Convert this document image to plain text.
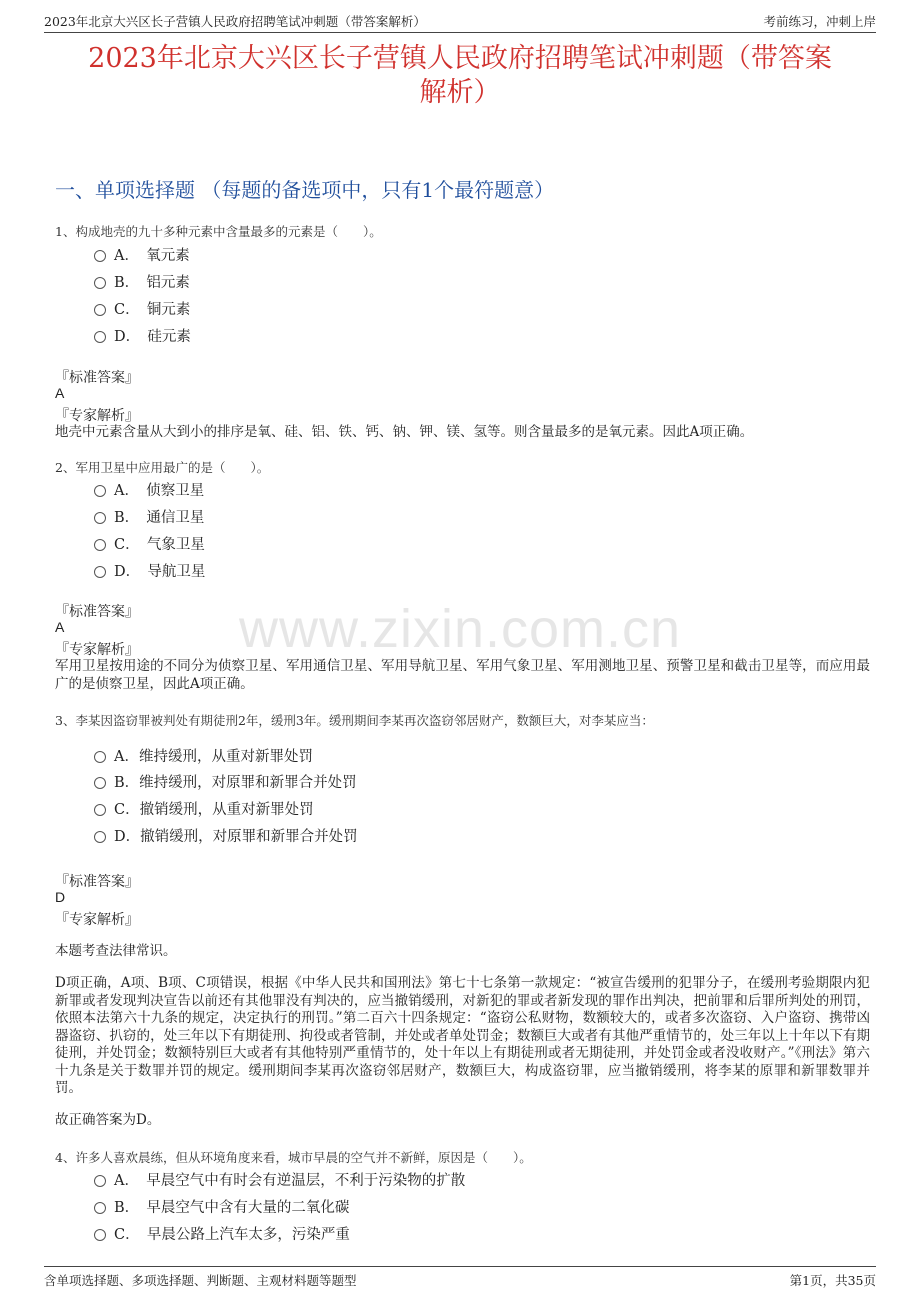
2023年北京大兴区长子营镇人民政府招聘笔试冲刺题（带答案解析）	考前练习，冲刺上岸
2023年北京大兴区长子营镇人民政府招聘笔试冲刺题（带答案
解析）
一、单项选择题 （每题的备选项中，只有1个最符题意）
www.zixin.com.cn
1、构成地壳的九十多种元素中含量最多的元素是（　　）。
A．　氧元素
B．　铝元素
C．　铜元素
D．　硅元素
『标准答案』
A
『专家解析』
地壳中元素含量从大到小的排序是氧、硅、铝、铁、钙、钠、钾、镁、氢等。则含量最多的是氧元素。因此A项正确。
2、军用卫星中应用最广的是（　　）。
A．　侦察卫星
B．　通信卫星
C．　气象卫星
D．　导航卫星
『标准答案』
A
『专家解析』
军用卫星按用途的不同分为侦察卫星、军用通信卫星、军用导航卫星、军用气象卫星、军用测地卫星、预警卫星和截击卫星等，而应用最广的是侦察卫星，因此A项正确。
3、李某因盗窃罪被判处有期徒刑2年，缓刑3年。缓刑期间李某再次盗窃邻居财产，数额巨大，对李某应当：
A．维持缓刑，从重对新罪处罚
B．维持缓刑，对原罪和新罪合并处罚
C．撤销缓刑，从重对新罪处罚
D．撤销缓刑，对原罪和新罪合并处罚
『标准答案』
D
『专家解析』
本题考查法律常识。
D项正确，A项、B项、C项错误，根据《中华人民共和国刑法》第七十七条第一款规定：“被宣告缓刑的犯罪分子，在缓刑考验期限内犯新罪或者发现判决宣告以前还有其他罪没有判决的，应当撤销缓刑，对新犯的罪或者新发现的罪作出判决，把前罪和后罪所判处的刑罚，依照本法第六十九条的规定，决定执行的刑罚。”第二百六十四条规定：“盗窃公私财物，数额较大的，或者多次盗窃、入户盗窃、携带凶器盗窃、扒窃的，处三年以下有期徒刑、拘役或者管制，并处或者单处罚金；数额巨大或者有其他严重情节的，处三年以上十年以下有期徒刑，并处罚金；数额特别巨大或者有其他特别严重情节的，处十年以上有期徒刑或者无期徒刑，并处罚金或者没收财产。”《刑法》第六十九条是关于数罪并罚的规定。缓刑期间李某再次盗窃邻居财产，数额巨大，构成盗窃罪，应当撤销缓刑，将李某的原罪和新罪数罪并罚。
故正确答案为D。
4、许多人喜欢晨练，但从环境角度来看，城市早晨的空气并不新鲜，原因是（　　）。
A．　早晨空气中有时会有逆温层，不利于污染物的扩散
B．　早晨空气中含有大量的二氧化碳
C．　早晨公路上汽车太多，污染严重
含单项选择题、多项选择题、判断题、主观材料题等题型	第1页，共35页
